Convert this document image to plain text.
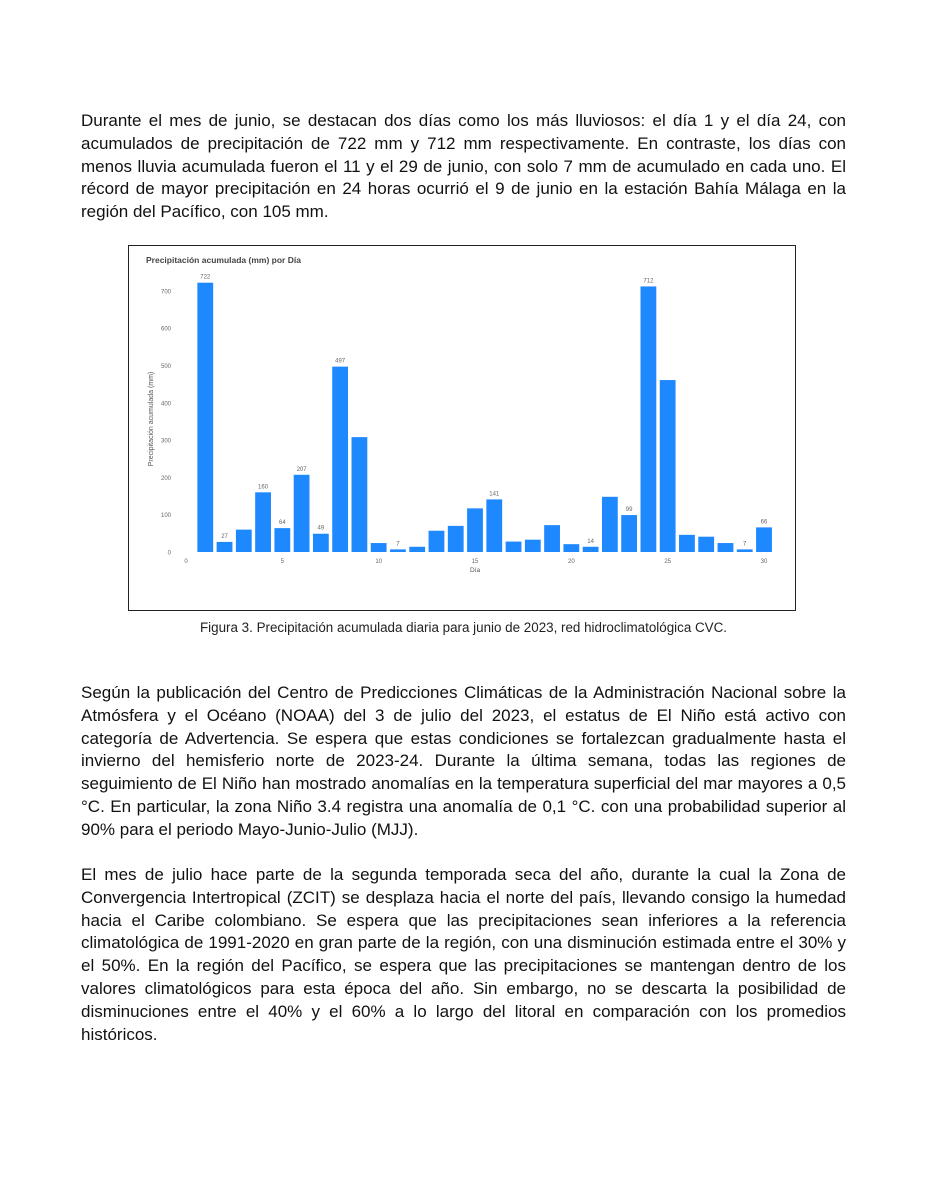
Durante el mes de junio, se destacan dos días como los más lluviosos: el día 1 y el día 24, con acumulados de precipitación de 722 mm y 712 mm respectivamente. En contraste, los días con menos lluvia acumulada fueron el 11 y el 29 de junio, con solo 7 mm de acumulado en cada uno. El récord de mayor precipitación en 24 horas ocurrió el 9 de junio en la estación Bahía Málaga en la región del Pacífico, con 105 mm.

Precipitación acumulada (mm) por Día
0
100
200
300
400
500
600
700
0	5	10	15	20	25	30
Día
Precipitación acumulada (mm)
722
27
160
64
207
49
497
7
141
14
99
712
7
66
Figura 3. Precipitación acumulada diaria para junio de 2023, red hidroclimatológica CVC.

Según la publicación del Centro de Predicciones Climáticas de la Administración Nacional sobre la Atmósfera y el Océano (NOAA) del 3 de julio del 2023, el estatus de El Niño está activo con categoría de Advertencia. Se espera que estas condiciones se fortalezcan gradualmente hasta el invierno del hemisferio norte de 2023-24. Durante la última semana, todas las regiones de seguimiento de El Niño han mostrado anomalías en la temperatura superficial del mar mayores a 0,5 °C. En particular, la zona Niño 3.4 registra una anomalía de 0,1 °C. con una probabilidad superior al 90% para el periodo Mayo-Junio-Julio (MJJ).

El mes de julio hace parte de la segunda temporada seca del año, durante la cual la Zona de Convergencia Intertropical (ZCIT) se desplaza hacia el norte del país, llevando consigo la humedad hacia el Caribe colombiano. Se espera que las precipitaciones sean inferiores a la referencia climatológica de 1991-2020 en gran parte de la región, con una disminución estimada entre el 30% y el 50%. En la región del Pacífico, se espera que las precipitaciones se mantengan dentro de los valores climatológicos para esta época del año. Sin embargo, no se descarta la posibilidad de disminuciones entre el 40% y el 60% a lo largo del litoral en comparación con los promedios históricos.
